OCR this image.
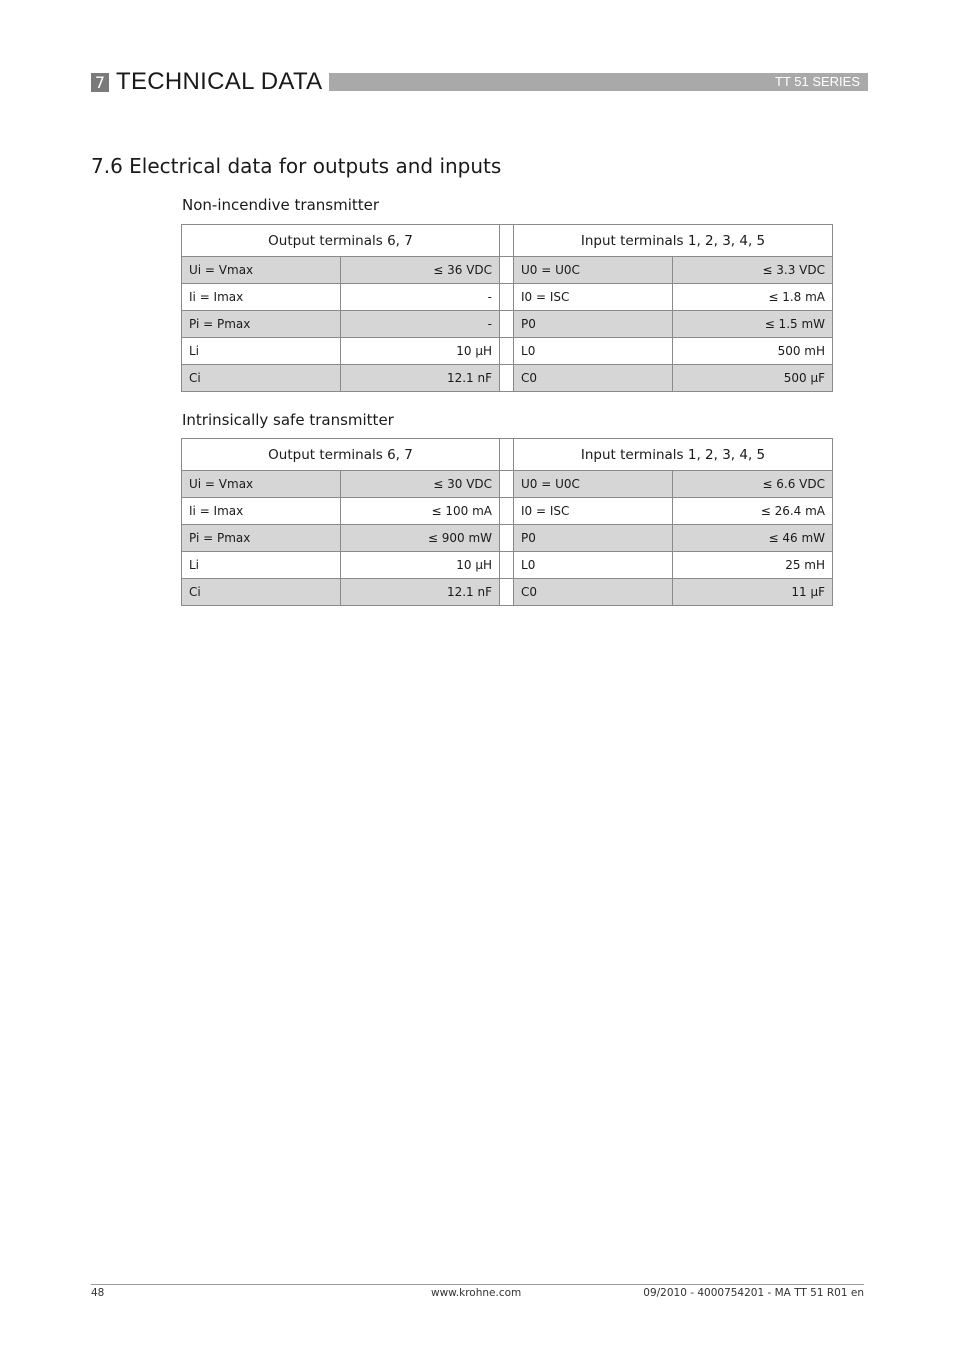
7 TECHNICAL DATA	TT 51 SERIES
7.6 Electrical data for outputs and inputs
Non-incendive transmitter
Output terminals 6, 7			Input terminals 1, 2, 3, 4, 5	
Ui = Vmax	≤ 36 VDC		U0 = U0C	≤ 3.3 VDC
Ii = Imax	-		I0 = ISC	≤ 1.8 mA
Pi = Pmax	-		P0	≤ 1.5 mW
Li	10 µH		L0	500 mH
Ci	12.1 nF		C0	500 µF
Intrinsically safe transmitter
Output terminals 6, 7			Input terminals 1, 2, 3, 4, 5	
Ui = Vmax	≤ 30 VDC		U0 = U0C	≤ 6.6 VDC
Ii = Imax	≤ 100 mA		I0 = ISC	≤ 26.4 mA
Pi = Pmax	≤ 900 mW		P0	≤ 46 mW
Li	10 µH		L0	25 mH
Ci	12.1 nF		C0	11 µF
48	www.krohne.com	09/2010 - 4000754201 - MA TT 51 R01 en
